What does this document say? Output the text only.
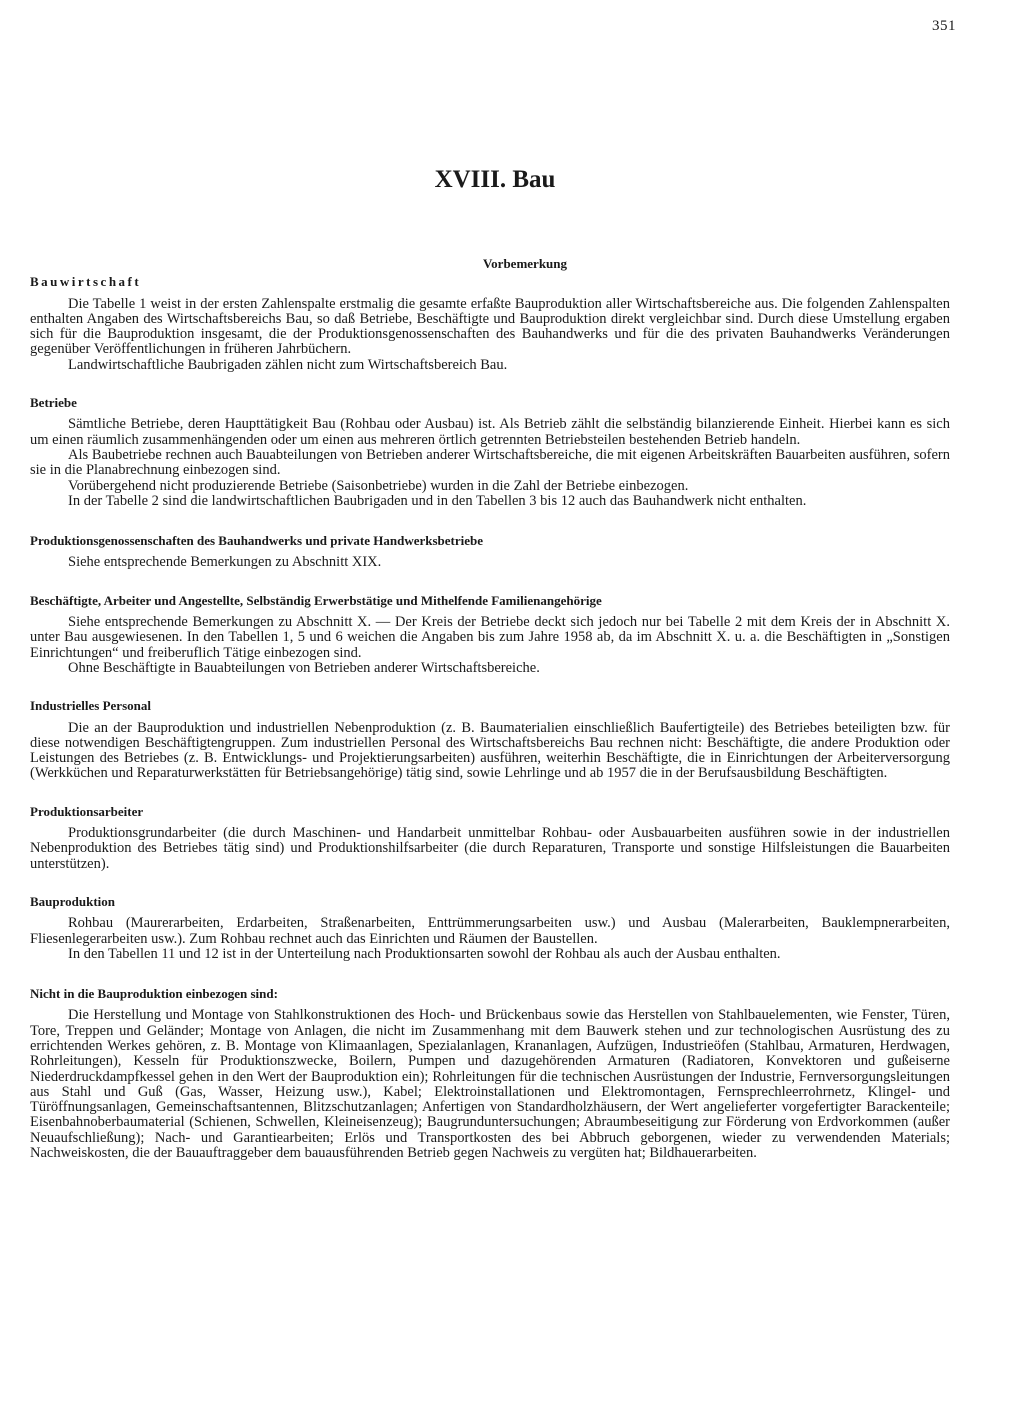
351
XVIII. Bau
Vorbemerkung
Bauwirtschaft

Die Tabelle 1 weist in der ersten Zahlenspalte erstmalig die gesamte erfaßte Bauproduktion aller Wirtschaftsbereiche aus. Die folgenden Zahlenspalten enthalten Angaben des Wirtschaftsbereichs Bau, so daß Betriebe, Beschäftigte und Bauproduktion direkt vergleichbar sind. Durch diese Umstellung ergaben sich für die Bauproduktion insgesamt, die der Produktionsgenossenschaften des Bauhandwerks und für die des privaten Bauhandwerks Veränderungen gegenüber Veröffentlichungen in früheren Jahrbüchern.

Landwirtschaftliche Baubrigaden zählen nicht zum Wirtschaftsbereich Bau.

Betriebe

Sämtliche Betriebe, deren Haupttätigkeit Bau (Rohbau oder Ausbau) ist. Als Betrieb zählt die selbständig bilanzierende Einheit. Hierbei kann es sich um einen räumlich zusammenhängenden oder um einen aus mehreren örtlich getrennten Betriebsteilen bestehenden Betrieb handeln.

Als Baubetriebe rechnen auch Bauabteilungen von Betrieben anderer Wirtschaftsbereiche, die mit eigenen Arbeitskräften Bauarbeiten ausführen, sofern sie in die Planabrechnung einbezogen sind.

Vorübergehend nicht produzierende Betriebe (Saisonbetriebe) wurden in die Zahl der Betriebe einbezogen.

In der Tabelle 2 sind die landwirtschaftlichen Baubrigaden und in den Tabellen 3 bis 12 auch das Bauhandwerk nicht enthalten.

Produktionsgenossenschaften des Bauhandwerks und private Handwerksbetriebe

Siehe entsprechende Bemerkungen zu Abschnitt XIX.

Beschäftigte, Arbeiter und Angestellte, Selbständig Erwerbstätige und Mithelfende Familienangehörige

Siehe entsprechende Bemerkungen zu Abschnitt X. — Der Kreis der Betriebe deckt sich jedoch nur bei Tabelle 2 mit dem Kreis der in Abschnitt X. unter Bau ausgewiesenen. In den Tabellen 1, 5 und 6 weichen die Angaben bis zum Jahre 1958 ab, da im Abschnitt X. u. a. die Beschäftigten in „Sonstigen Einrichtungen“ und freiberuflich Tätige einbezogen sind.

Ohne Beschäftigte in Bauabteilungen von Betrieben anderer Wirtschaftsbereiche.

Industrielles Personal

Die an der Bauproduktion und industriellen Nebenproduktion (z. B. Baumaterialien einschließlich Baufertigteile) des Betriebes beteiligten bzw. für diese notwendigen Beschäftigtengruppen. Zum industriellen Personal des Wirtschaftsbereichs Bau rechnen nicht: Beschäftigte, die andere Produktion oder Leistungen des Betriebes (z. B. Entwicklungs- und Projektierungsarbeiten) ausführen, weiterhin Beschäftigte, die in Einrichtungen der Arbeiterversorgung (Werkküchen und Reparaturwerkstätten für Betriebsangehörige) tätig sind, sowie Lehrlinge und ab 1957 die in der Berufsausbildung Beschäftigten.

Produktionsarbeiter

Produktionsgrundarbeiter (die durch Maschinen- und Handarbeit unmittelbar Rohbau- oder Ausbauarbeiten ausführen sowie in der industriellen Nebenproduktion des Betriebes tätig sind) und Produktionshilfsarbeiter (die durch Reparaturen, Transporte und sonstige Hilfsleistungen die Bauarbeiten unterstützen).

Bauproduktion

Rohbau (Maurerarbeiten, Erdarbeiten, Straßenarbeiten, Enttrümmerungsarbeiten usw.) und Ausbau (Malerarbeiten, Bauklempnerarbeiten, Fliesenlegerarbeiten usw.). Zum Rohbau rechnet auch das Einrichten und Räumen der Baustellen.

In den Tabellen 11 und 12 ist in der Unterteilung nach Produktionsarten sowohl der Rohbau als auch der Ausbau enthalten.

Nicht in die Bauproduktion einbezogen sind:

Die Herstellung und Montage von Stahlkonstruktionen des Hoch- und Brückenbaus sowie das Herstellen von Stahlbauelementen, wie Fenster, Türen, Tore, Treppen und Geländer; Montage von Anlagen, die nicht im Zusammenhang mit dem Bauwerk stehen und zur technologischen Ausrüstung des zu errichtenden Werkes gehören, z. B. Montage von Klimaanlagen, Spezialanlagen, Krananlagen, Aufzügen, Industrieöfen (Stahlbau, Armaturen, Herdwagen, Rohrleitungen), Kesseln für Produktionszwecke, Boilern, Pumpen und dazugehörenden Armaturen (Radiatoren, Konvektoren und gußeiserne Niederdruckdampfkessel gehen in den Wert der Bauproduktion ein); Rohrleitungen für die technischen Ausrüstungen der Industrie, Fernversorgungsleitungen aus Stahl und Guß (Gas, Wasser, Heizung usw.), Kabel; Elektroinstallationen und Elektromontagen, Fernsprechleerrohrnetz, Klingel- und Türöffnungsanlagen, Gemeinschaftsantennen, Blitzschutzanlagen; Anfertigen von Standardholzhäusern, der Wert angelieferter vorgefertigter Barackenteile; Eisenbahnoberbaumaterial (Schienen, Schwellen, Kleineisenzeug); Baugrunduntersuchungen; Abraumbeseitigung zur Förderung von Erdvorkommen (außer Neuaufschließung); Nach- und Garantiearbeiten; Erlös und Transportkosten des bei Abbruch geborgenen, wieder zu verwendenden Materials; Nachweiskosten, die der Bauauftraggeber dem bauausführenden Betrieb gegen Nachweis zu vergüten hat; Bildhauerarbeiten.
